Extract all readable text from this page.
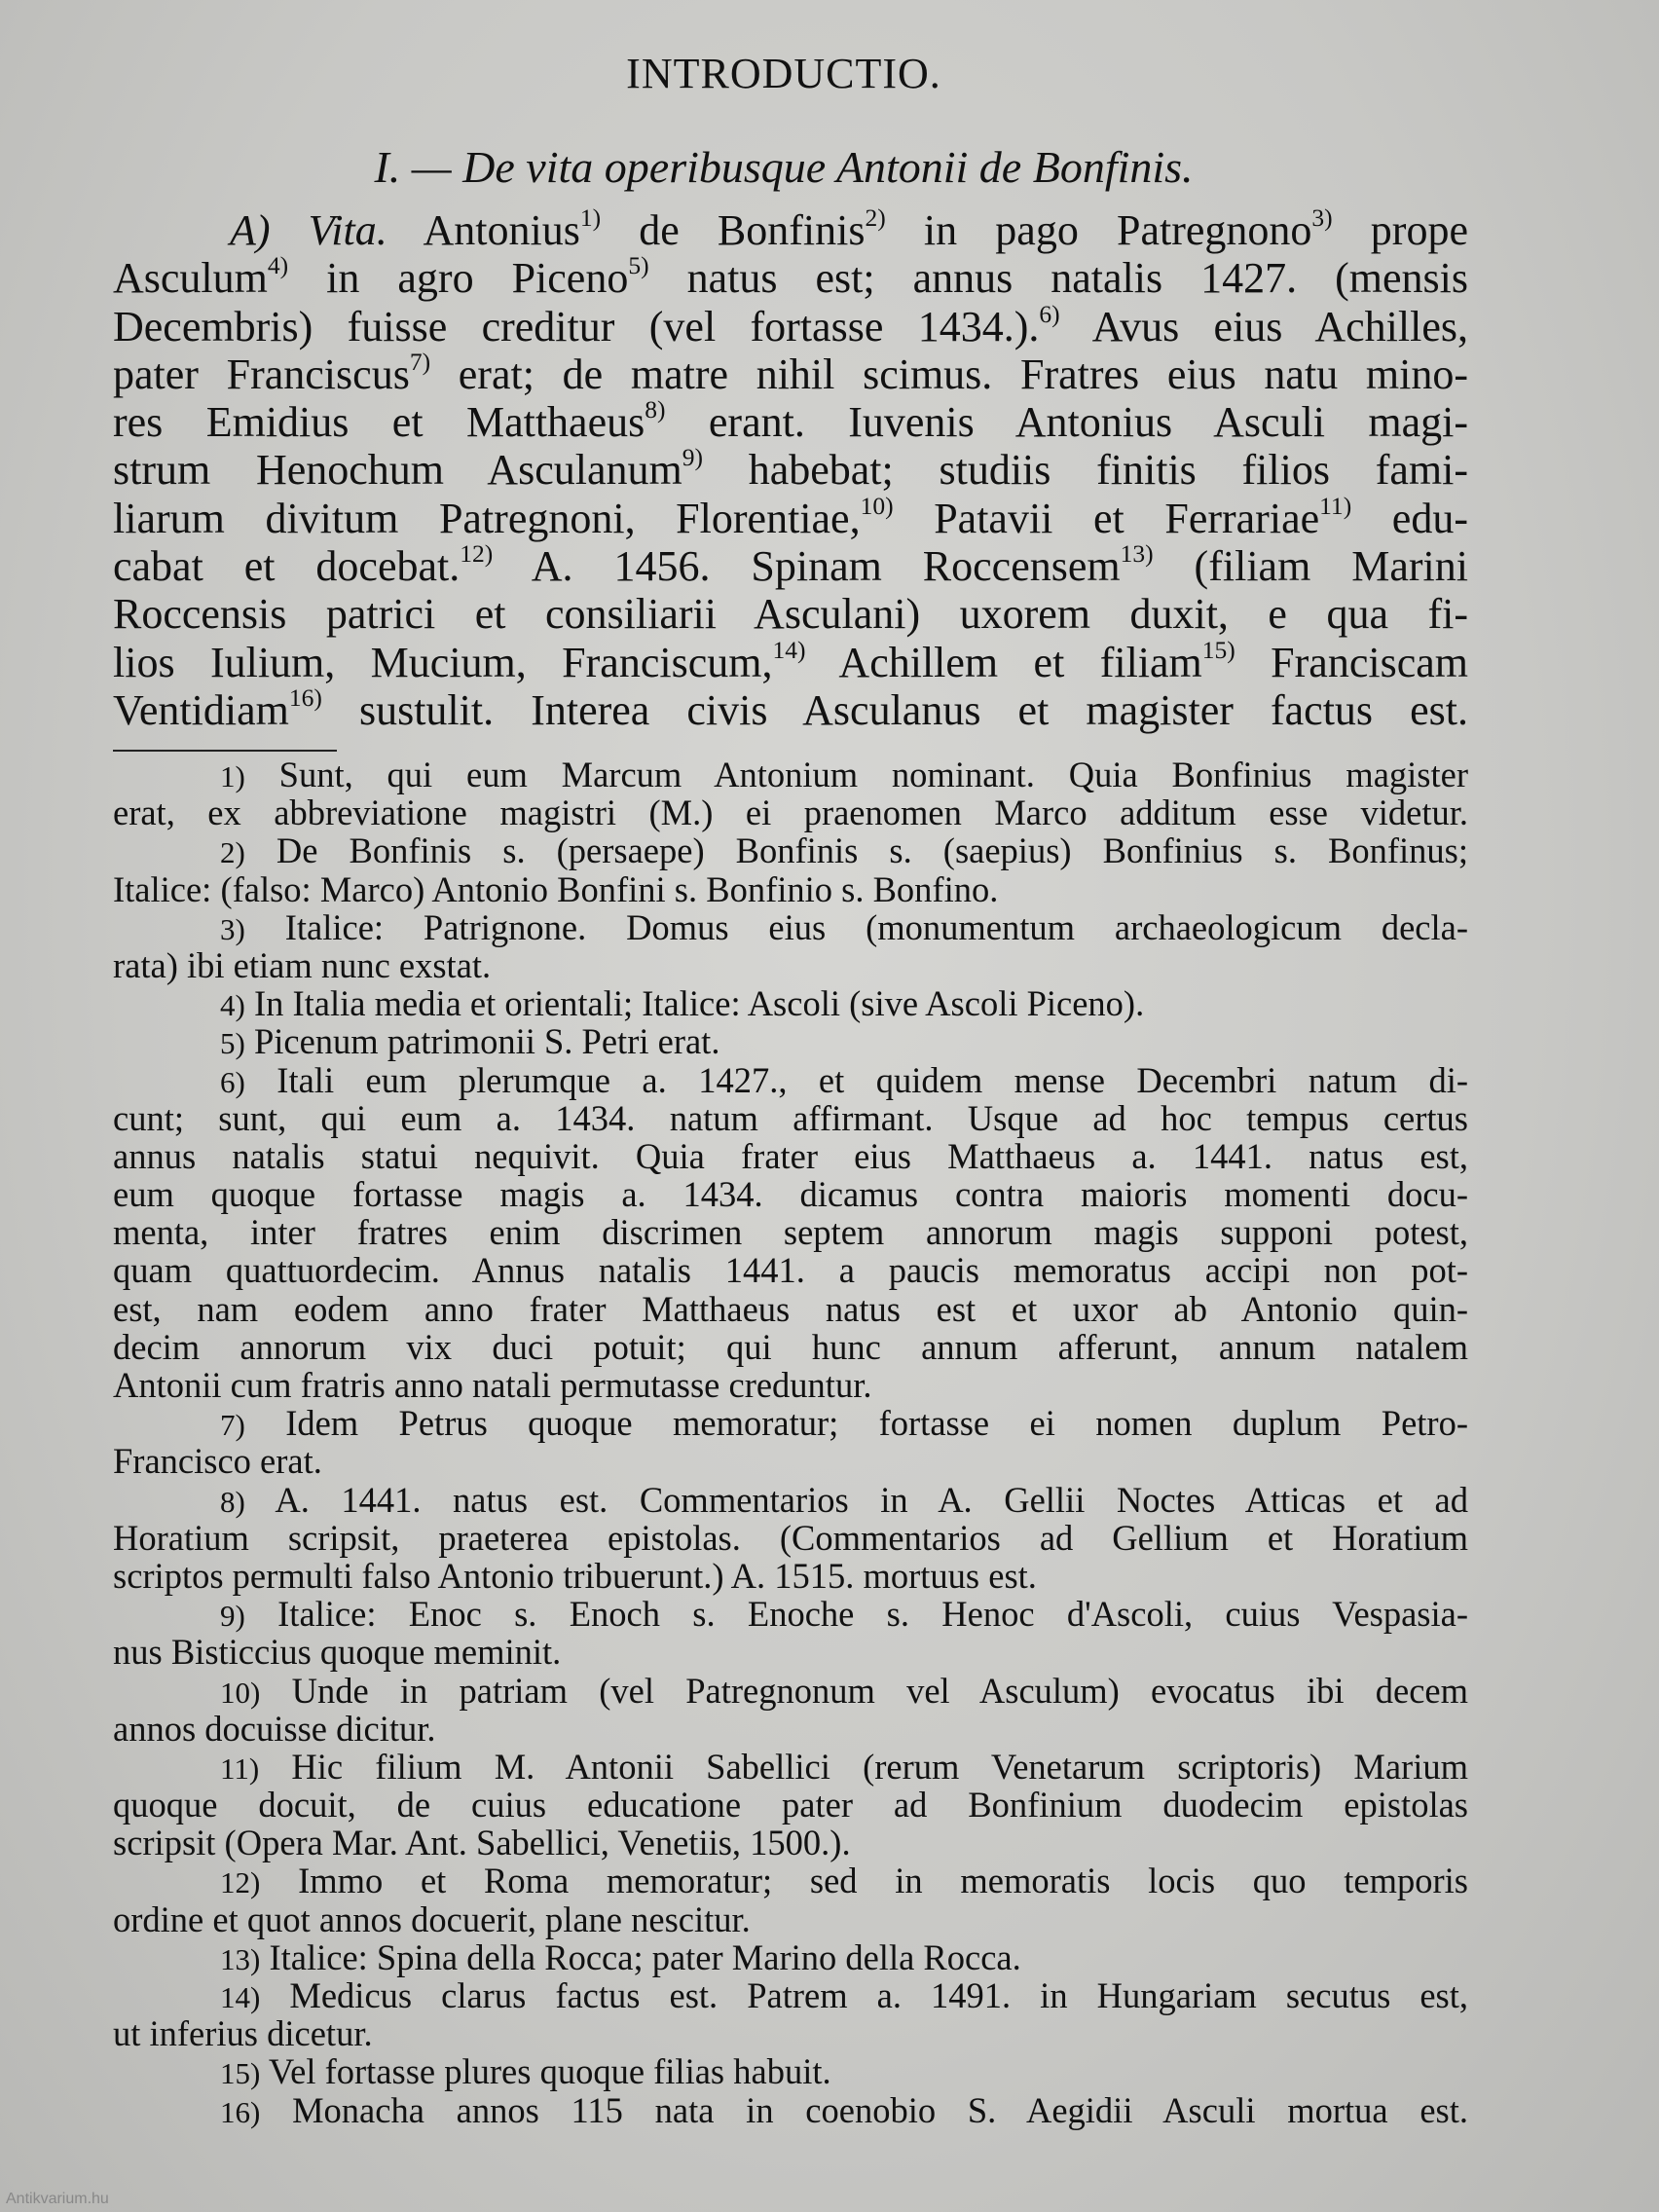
INTRODUCTIO.
I. — De vita operibusque Antonii de Bonfinis.
A) Vita. Antonius$^{1)}$ de Bonfinis$^{2)}$ in pago Patregnono$^{3)}$ prope
Asculum$^{4)}$ in agro Piceno$^{5)}$ natus est; annus natalis 1427. (mensis
Decembris) fuisse creditur (vel fortasse 1434.).$^{6)}$ Avus eius Achilles,
pater Franciscus$^{7)}$ erat; de matre nihil scimus. Fratres eius natu mino-
res Emidius et Matthaeus$^{8)}$ erant. Iuvenis Antonius Asculi magi-
strum Henochum Asculanum$^{9)}$ habebat; studiis finitis filios fami-
liarum divitum Patregnoni, Florentiae,$^{10)}$ Patavii et Ferrariae$^{11)}$ edu-
cabat et docebat.$^{12)}$ A. 1456. Spinam Roccensem$^{13)}$ (filiam Marini
Roccensis patrici et consiliarii Asculani) uxorem duxit, e qua fi-
lios Iulium, Mucium, Franciscum,$^{14)}$ Achillem et filiam$^{15)}$ Franciscam
Ventidiam$^{16)}$ sustulit. Interea civis Asculanus et magister factus est.
1) Sunt, qui eum Marcum Antonium nominant. Quia Bonfinius magister
erat, ex abbreviatione magistri (M.) ei praenomen Marco additum esse videtur.
2) De Bonfinis s. (persaepe) Bonfinis s. (saepius) Bonfinius s. Bonfinus;
Italice: (falso: Marco) Antonio Bonfini s. Bonfinio s. Bonfino.
3) Italice: Patrignone. Domus eius (monumentum archaeologicum decla-
rata) ibi etiam nunc exstat.
4) In Italia media et orientali; Italice: Ascoli (sive Ascoli Piceno).
5) Picenum patrimonii S. Petri erat.
6) Itali eum plerumque a. 1427., et quidem mense Decembri natum di-
cunt; sunt, qui eum a. 1434. natum affirmant. Usque ad hoc tempus certus
annus natalis statui nequivit. Quia frater eius Matthaeus a. 1441. natus est,
eum quoque fortasse magis a. 1434. dicamus contra maioris momenti docu-
menta, inter fratres enim discrimen septem annorum magis supponi potest,
quam quattuordecim. Annus natalis 1441. a paucis memoratus accipi non pot-
est, nam eodem anno frater Matthaeus natus est et uxor ab Antonio quin-
decim annorum vix duci potuit; qui hunc annum afferunt, annum natalem
Antonii cum fratris anno natali permutasse creduntur.
7) Idem Petrus quoque memoratur; fortasse ei nomen duplum Petro-
Francisco erat.
8) A. 1441. natus est. Commentarios in A. Gellii Noctes Atticas et ad
Horatium scripsit, praeterea epistolas. (Commentarios ad Gellium et Horatium
scriptos permulti falso Antonio tribuerunt.) A. 1515. mortuus est.
9) Italice: Enoc s. Enoch s. Enoche s. Henoc d'Ascoli, cuius Vespasia-
nus Bisticcius quoque meminit.
10) Unde in patriam (vel Patregnonum vel Asculum) evocatus ibi decem
annos docuisse dicitur.
11) Hic filium M. Antonii Sabellici (rerum Venetarum scriptoris) Marium
quoque docuit, de cuius educatione pater ad Bonfinium duodecim epistolas
scripsit (Opera Mar. Ant. Sabellici, Venetiis, 1500.).
12) Immo et Roma memoratur; sed in memoratis locis quo temporis
ordine et quot annos docuerit, plane nescitur.
13) Italice: Spina della Rocca; pater Marino della Rocca.
14) Medicus clarus factus est. Patrem a. 1491. in Hungariam secutus est,
ut inferius dicetur.
15) Vel fortasse plures quoque filias habuit.
16) Monacha annos 115 nata in coenobio S. Aegidii Asculi mortua est.
Antikvarium.hu
